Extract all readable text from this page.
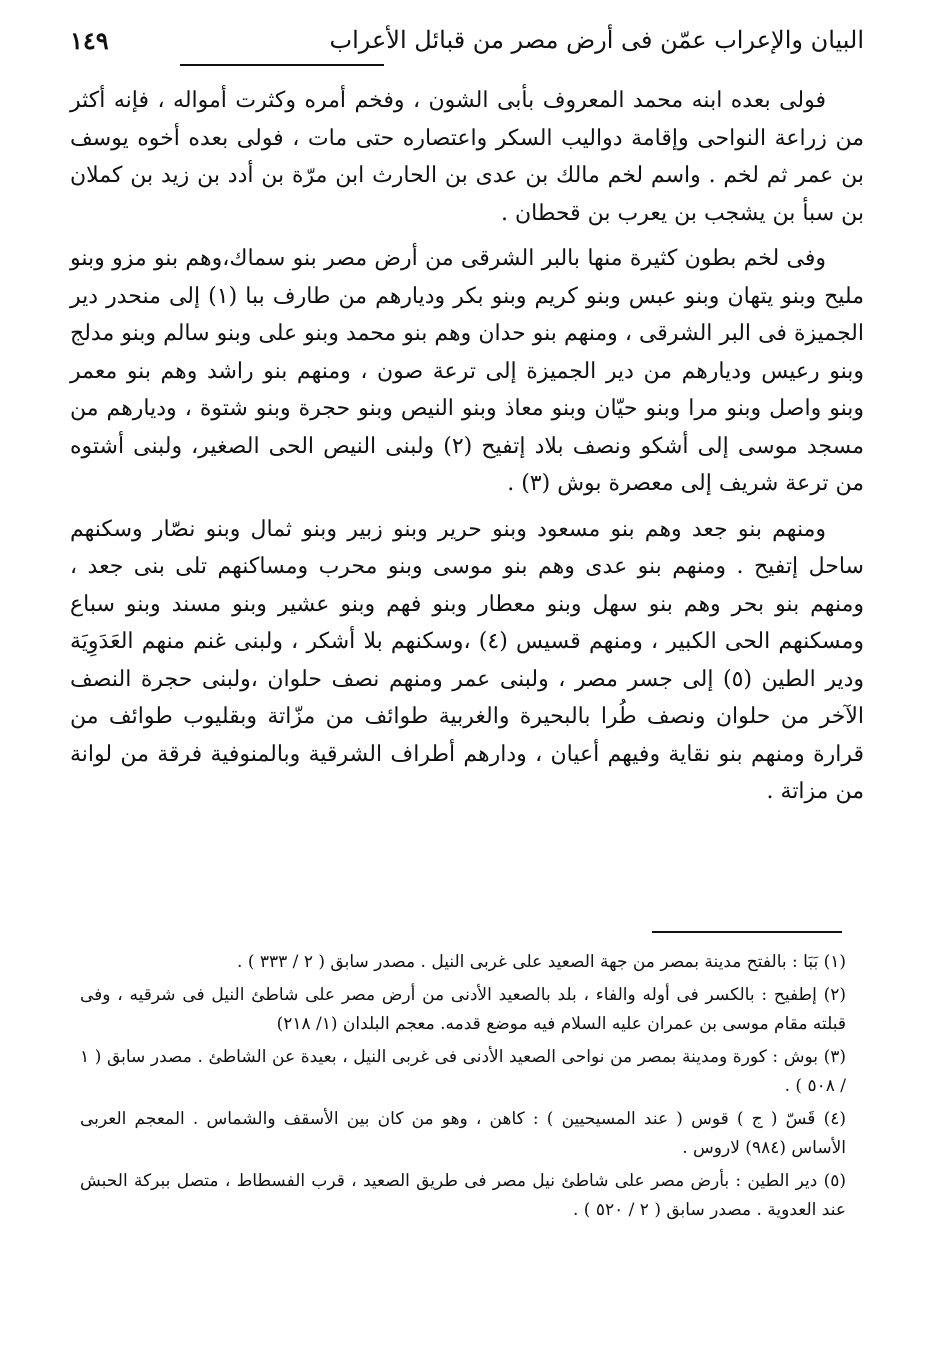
البيان والإعراب عمّن فى أرض مصر من قبائل الأعراب
١٤٩

فولى بعده ابنه محمد المعروف بأبى الشون ، وفخم أمره وكثرت أمواله ، فإنه أكثر من زراعة النواحى وإقامة دواليب السكر واعتصاره حتى مات ، فولى بعده أخوه يوسف بن عمر ثم لخم . واسم لخم مالك بن عدى بن الحارث ابن مرّة بن أدد بن زيد بن كملان بن سبأ بن يشجب بن يعرب بن قحطان .

وفى لخم بطون كثيرة منها بالبر الشرقى من أرض مصر بنو سماك،وهم بنو مزو وبنو مليح وبنو يتهان وبنو عبس وبنو كريم وبنو بكر وديارهم من طارف ببا (١) إلى منحدر دير الجميزة فى البر الشرقى ، ومنهم بنو حدان وهم بنو محمد وبنو على وبنو سالم وبنو مدلج وبنو رعيس وديارهم من دير الجميزة إلى ترعة صون ، ومنهم بنو راشد وهم بنو معمر وبنو واصل وبنو مرا وبنو حيّان وبنو معاذ وبنو النيص وبنو حجرة وبنو شتوة ، وديارهم من مسجد موسى إلى أشكو ونصف بلاد إتفيح (٢) ولبنى النيص الحى الصغير، ولبنى أشتوه من ترعة شريف إلى معصرة بوش (٣) .

ومنهم بنو جعد وهم بنو مسعود وبنو حرير وبنو زبير وبنو ثمال وبنو نصّار وسكنهم ساحل إتفيح . ومنهم بنو عدى وهم بنو موسى وبنو محرب ومساكنهم تلى بنى جعد ، ومنهم بنو بحر وهم بنو سهل وبنو معطار وبنو فهم وبنو عشير وبنو مسند وبنو سباع ومسكنهم الحى الكبير ، ومنهم قسيس (٤) ،وسكنهم بلا أشكر ، ولبنى غنم منهم العَدَوِيَة ودير الطين (٥) إلى جسر مصر ، ولبنى عمر ومنهم نصف حلوان ،ولبنى حجرة النصف الآخر من حلوان ونصف طُرا بالبحيرة والغربية طوائف من مزّاتة وبقليوب طوائف من قرارة ومنهم بنو نقاية وفيهم أعيان ، ودارهم أطراف الشرقية وبالمنوفية فرقة من لوانة من مزاتة .

(١) بَبَا : بالفتح مدينة بمصر من جهة الصعيد على غربى النيل . مصدر سابق ( ٢ / ٣٣٣ ) .

(٢) إطفيح : بالكسر فى أوله والفاء ، بلد بالصعيد الأدنى من أرض مصر على شاطئ النيل فى شرقيه ، وفى قبلته مقام موسى بن عمران عليه السلام فيه موضع قدمه. معجم البلدان (١/ ٢١٨)

(٣) بوش : كورة ومدينة بمصر من نواحى الصعيد الأدنى فى غربى النيل ، بعيدة عن الشاطئ . مصدر سابق ( ١ / ٥٠٨ ) .

(٤) قَسّ ( ج ) قوس ( عند المسيحيين ) : كاهن ، وهو من كان بين الأسقف والشماس . المعجم العربى الأساس (٩٨٤) لاروس .

(٥) دير الطين : بأرض مصر على شاطئ نيل مصر فى طريق الصعيد ، قرب الفسطاط ، متصل ببركة الحبش عند العدوية . مصدر سابق ( ٢ / ٥٢٠ ) .
